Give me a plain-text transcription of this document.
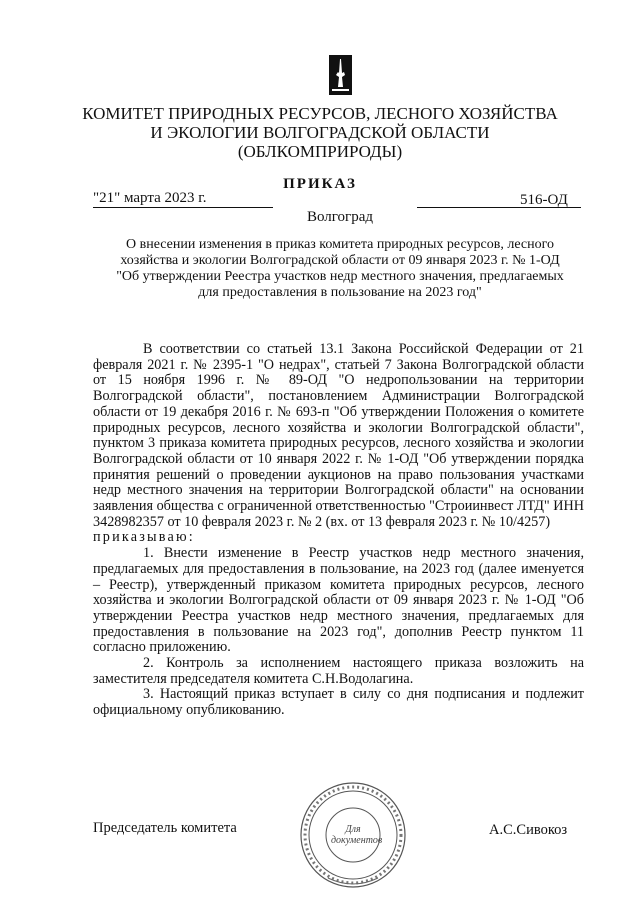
КОМИТЕТ ПРИРОДНЫХ РЕСУРСОВ, ЛЕСНОГО ХОЗЯЙСТВА
И ЭКОЛОГИИ ВОЛГОГРАДСКОЙ ОБЛАСТИ
(ОБЛКОМПРИРОДЫ)
ПРИКАЗ
"21" марта 2023 г.	516-ОД
Волгоград
О внесении изменения в приказ комитета природных ресурсов, лесного
хозяйства и экологии Волгоградской области от 09 января 2023 г. № 1-ОД
"Об утверждении Реестра участков недр местного значения, предлагаемых
для предоставления в пользование на 2023 год"

В соответствии со статьей 13.1 Закона Российской Федерации от 21 февраля 2021 г. № 2395-1 "О недрах", статьей 7 Закона Волгоградской области от 15 ноября 1996 г. № 89-ОД "О недропользовании на территории Волгоградской области", постановлением Администрации Волгоградской области от 19 декабря 2016 г. № 693-п "Об утверждении Положения о комитете природных ресурсов, лесного хозяйства и экологии Волгоградской области", пунктом 3 приказа комитета природных ресурсов, лесного хозяйства и экологии Волгоградской области от 10 января 2022 г. № 1-ОД "Об утверждении порядка принятия решений о проведении аукционов на право пользования участками недр местного значения на территории Волгоградской области" на основании заявления общества с ограниченной ответственностью "Строиинвест ЛТД" ИНН 3428982357 от 10 февраля 2023 г. № 2 (вх. от 13 февраля 2023 г. № 10/4257)

приказываю:

1. Внести изменение в Реестр участков недр местного значения, предлагаемых для предоставления в пользование, на 2023 год (далее именуется – Реестр), утвержденный приказом комитета природных ресурсов, лесного хозяйства и экологии Волгоградской области от 09 января 2023 г. № 1-ОД "Об утверждении Реестра участков недр местного значения, предлагаемых для предоставления в пользование на 2023 год", дополнив Реестр пунктом 11 согласно приложению.

2. Контроль за исполнением настоящего приказа возложить на заместителя председателя комитета С.Н.Водолагина.

3. Настоящий приказ вступает в силу со дня подписания и подлежит официальному опубликованию.

Председатель комитета	Для документов
А.С.Сивокоз
